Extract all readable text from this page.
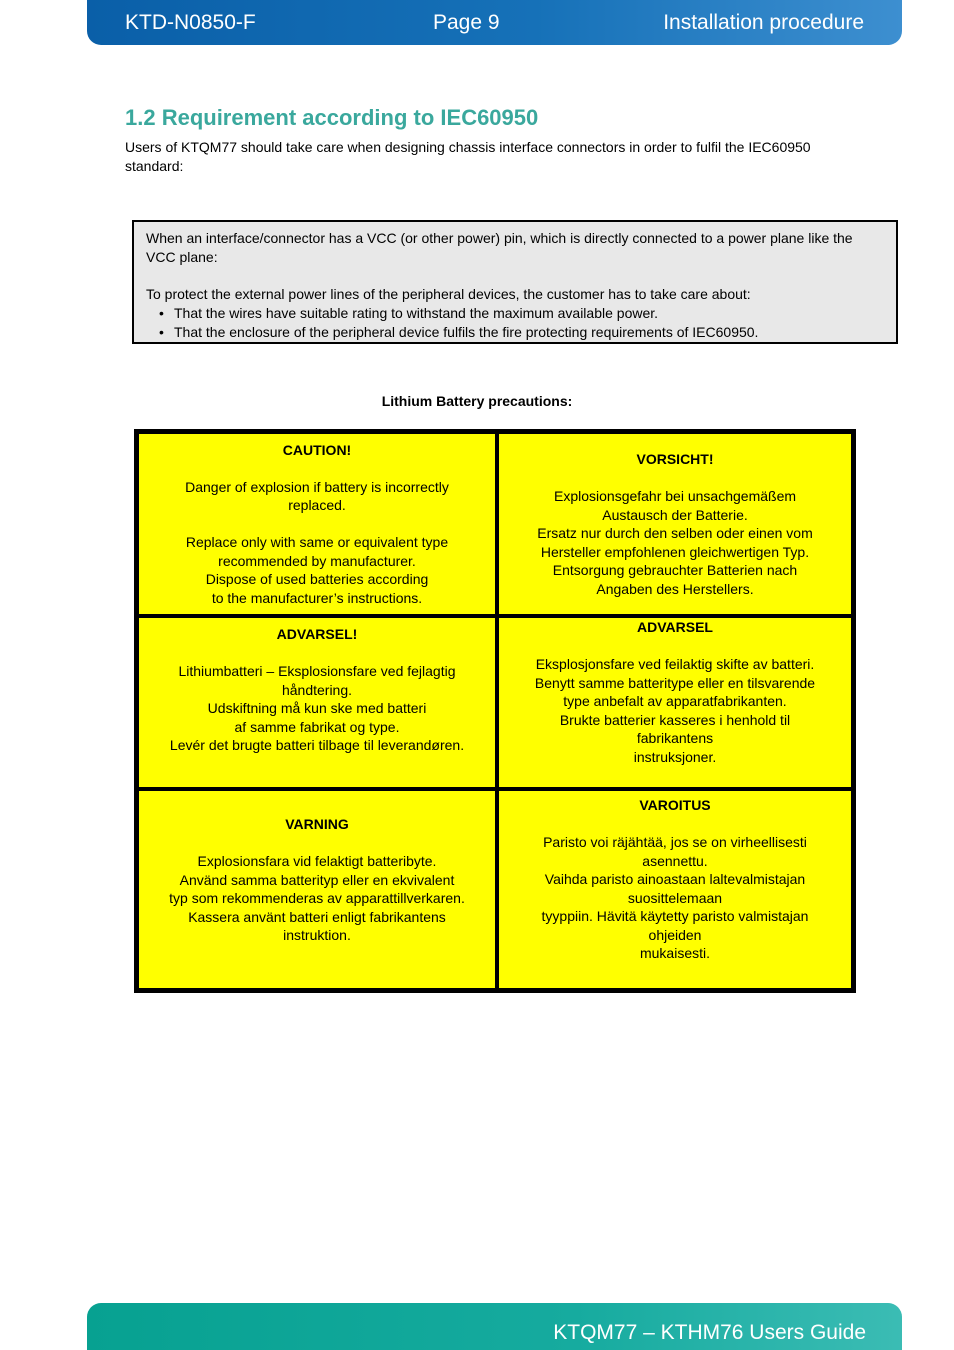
KTD-N0850-F	Page 9	Installation procedure
1.2 Requirement according to IEC60950

Users of KTQM77 should take care when designing chassis interface connectors in order to fulfil the IEC60950 standard:

When an interface/connector has a VCC (or other power) pin, which is directly connected to a power plane like the VCC plane:

To protect the external power lines of the peripheral devices, the customer has to take care about:

• That the wires have suitable rating to withstand the maximum available power.
• That the enclosure of the peripheral device fulfils the fire protecting requirements of IEC60950.

Lithium Battery precautions:

CAUTION!
Danger of explosion if battery is incorrectly
replaced.
Replace only with same or equivalent type
recommended by manufacturer.
Dispose of used batteries according
to the manufacturer’s instructions.
VORSICHT!
Explosionsgefahr bei unsachgemäßem
Austausch der Batterie.
Ersatz nur durch den selben oder einen vom
Hersteller empfohlenen gleichwertigen Typ.
Entsorgung gebrauchter Batterien nach
Angaben des Herstellers.
ADVARSEL!
Lithiumbatteri – Eksplosionsfare ved fejlagtig
håndtering.
Udskiftning må kun ske med batteri
af samme fabrikat og type.
Levér det brugte batteri tilbage til leverandøren.
ADVARSEL
Eksplosjonsfare ved feilaktig skifte av batteri.
Benytt samme batteritype eller en tilsvarende
type anbefalt av apparatfabrikanten.
Brukte batterier kasseres i henhold til
fabrikantens
instruksjoner.
VARNING
Explosionsfara vid felaktigt batteribyte.
Använd samma batterityp eller en ekvivalent
typ som rekommenderas av apparattillverkaren.
Kassera använt batteri enligt fabrikantens
instruktion.
VAROITUS
Paristo voi räjähtää, jos se on virheellisesti
asennettu.
Vaihda paristo ainoastaan laltevalmistajan
suosittelemaan
tyyppiin. Hävitä käytetty paristo valmistajan
ohjeiden
mukaisesti.
KTQM77 – KTHM76 Users Guide
